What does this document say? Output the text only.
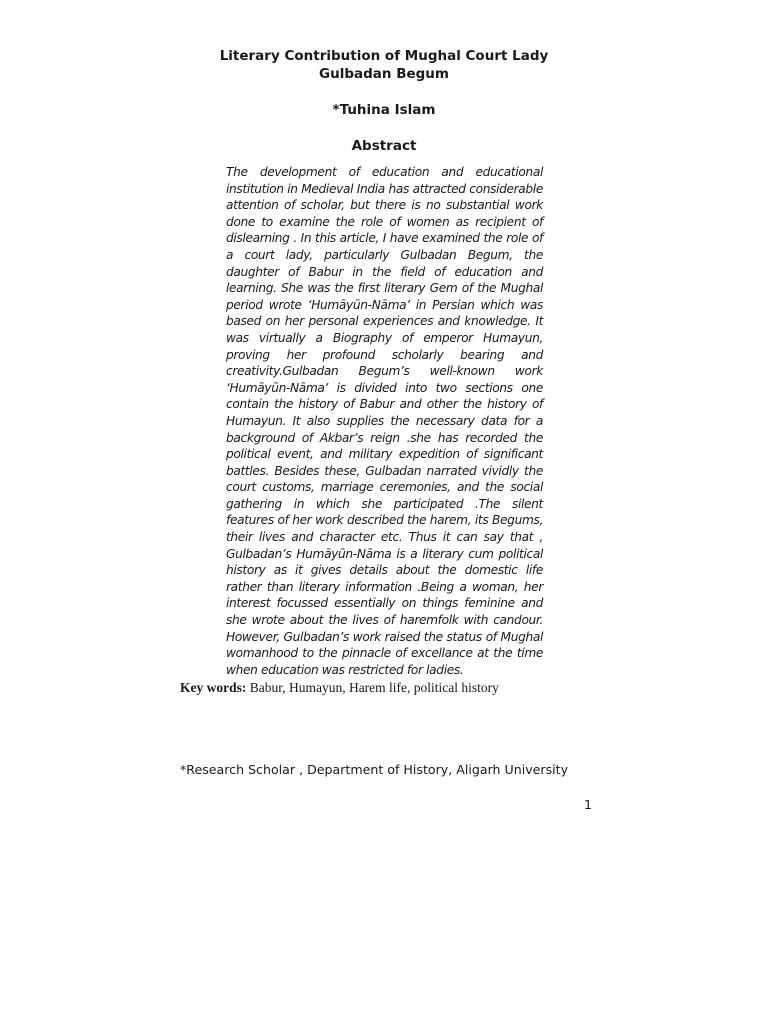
Literary Contribution of Mughal Court Lady
Gulbadan Begum
*Tuhina Islam
Abstract

The development of education and educational institution in Medieval India has attracted considerable attention of scholar, but there is no substantial work done to examine the role of women as recipient of dislearning . In this article, I have examined the role of a court lady, particularly Gulbadan Begum, the daughter of Babur in the field of education and learning. She was the first literary Gem of the Mughal period wrote ‘Humāyūn-Nāma’ in Persian which was based on her personal experiences and knowledge. It was virtually a Biography of emperor Humayun, proving her profound scholarly bearing and creativity.Gulbadan Begum’s well-known work ‘Humāyūn-Nāma’ is divided into two sections one contain the history of Babur and other the history of Humayun. It also supplies the necessary data for a background of Akbar’s reign .she has recorded the political event, and military expedition of significant battles. Besides these, Gulbadan narrated vividly the court customs, marriage ceremonies, and the social gathering in which she participated .The silent features of her work described the harem, its Begums, their lives and character etc. Thus it can say that , Gulbadan’s Humāyūn-Nāma is a literary cum political history as it gives details about the domestic life rather than literary information .Being a woman, her interest focussed essentially on things feminine and she wrote about the lives of haremfolk with candour. However, Gulbadan’s work raised the status of Mughal womanhood to the pinnacle of excellance at the time when education was restricted for ladies.

Key words: Babur, Humayun, Harem life, political history
*Research Scholar , Department of History, Aligarh University
1
